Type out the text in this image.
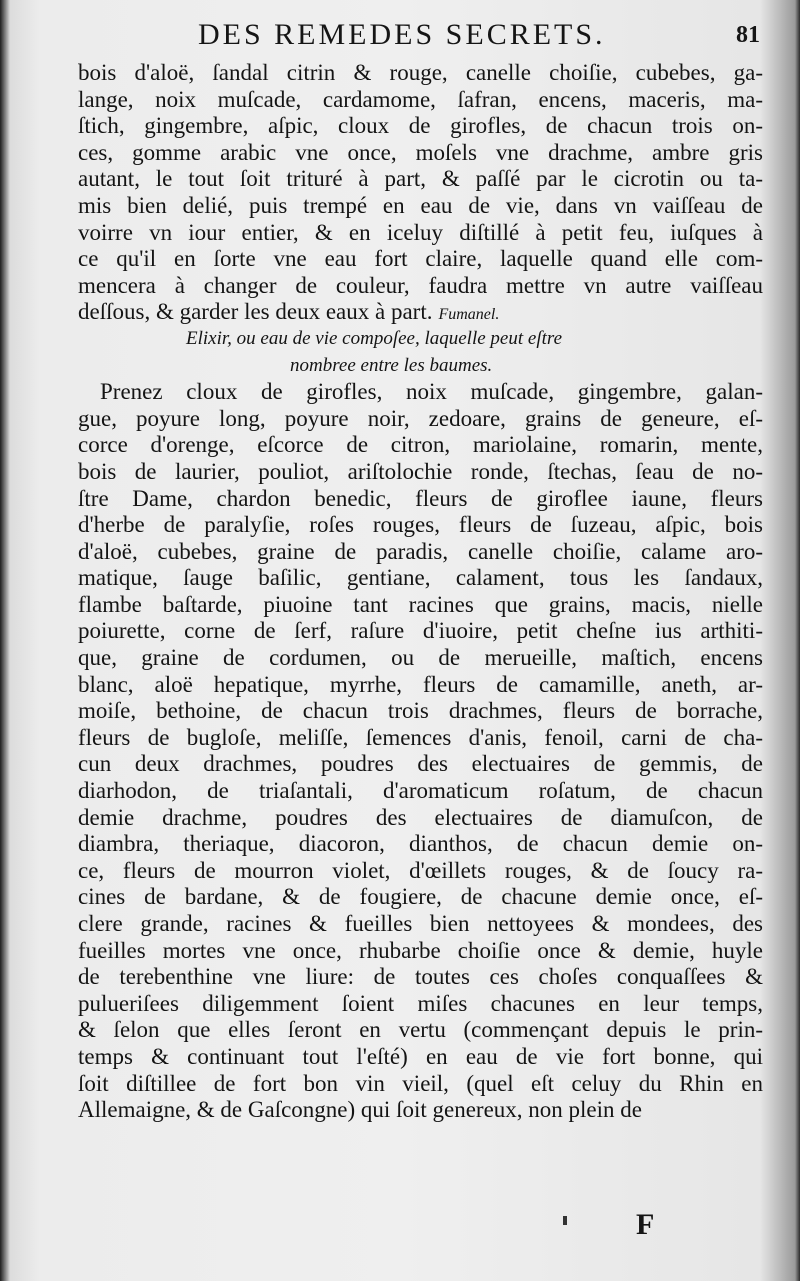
DES REMEDES SECRETS.	81
bois d'aloë, ſandal citrin & rouge, canelle choiſie, cubebes, ga-
lange, noix muſcade, cardamome, ſafran, encens, maceris, ma-
ſtich, gingembre, aſpic, cloux de girofles, de chacun trois on-
ces, gomme arabic vne once, moſels vne drachme, ambre gris
autant, le tout ſoit trituré à part, & paſſé par le cicrotin ou ta-
mis bien delié, puis trempé en eau de vie, dans vn vaiſſeau de
voirre vn iour entier, & en iceluy diſtillé à petit feu, iuſques à
ce qu'il en ſorte vne eau fort claire, laquelle quand elle com-
mencera à changer de couleur, faudra mettre vn autre vaiſſeau
deſſous, & garder les deux eaux à part. Fumanel.
Elixir, ou eau de vie compoſee, laquelle peut eſtre
nombree entre les baumes.
Prenez cloux de girofles, noix muſcade, gingembre, galan-
gue, poyure long, poyure noir, zedoare, grains de geneure, eſ-
corce d'orenge, eſcorce de citron, mariolaine, romarin, mente,
bois de laurier, pouliot, ariſtolochie ronde, ſtechas, ſeau de no-
ſtre Dame, chardon benedic, fleurs de giroflee iaune, fleurs
d'herbe de paralyſie, roſes rouges, fleurs de ſuzeau, aſpic, bois
d'aloë, cubebes, graine de paradis, canelle choiſie, calame aro-
matique, ſauge baſilic, gentiane, calament, tous les ſandaux,
flambe baſtarde, piuoine tant racines que grains, macis, nielle
poiurette, corne de ſerf, raſure d'iuoire, petit cheſne ius arthiti-
que, graine de cordumen, ou de merueille, maſtich, encens
blanc, aloë hepatique, myrrhe, fleurs de camamille, aneth, ar-
moiſe, bethoine, de chacun trois drachmes, fleurs de borrache,
fleurs de bugloſe, meliſſe, ſemences d'anis, fenoil, carni de cha-
cun deux drachmes, poudres des electuaires de gemmis, de
diarhodon, de triaſantali, d'aromaticum roſatum, de chacun
demie drachme, poudres des electuaires de diamuſcon, de
diambra, theriaque, diacoron, dianthos, de chacun demie on-
ce, fleurs de mourron violet, d'œillets rouges, & de ſoucy ra-
cines de bardane, & de fougiere, de chacune demie once, eſ-
clere grande, racines & fueilles bien nettoyees & mondees, des
fueilles mortes vne once, rhubarbe choiſie once & demie, huyle
de terebenthine vne liure: de toutes ces choſes conquaſſees &
pulueriſees diligemment ſoient miſes chacunes en leur temps,
& ſelon que elles ſeront en vertu (commençant depuis le prin-
temps & continuant tout l'eſté) en eau de vie fort bonne, qui
ſoit diſtillee de fort bon vin vieil, (quel eſt celuy du Rhin en
Allemaigne, & de Gaſcongne) qui ſoit genereux, non plein de
F
